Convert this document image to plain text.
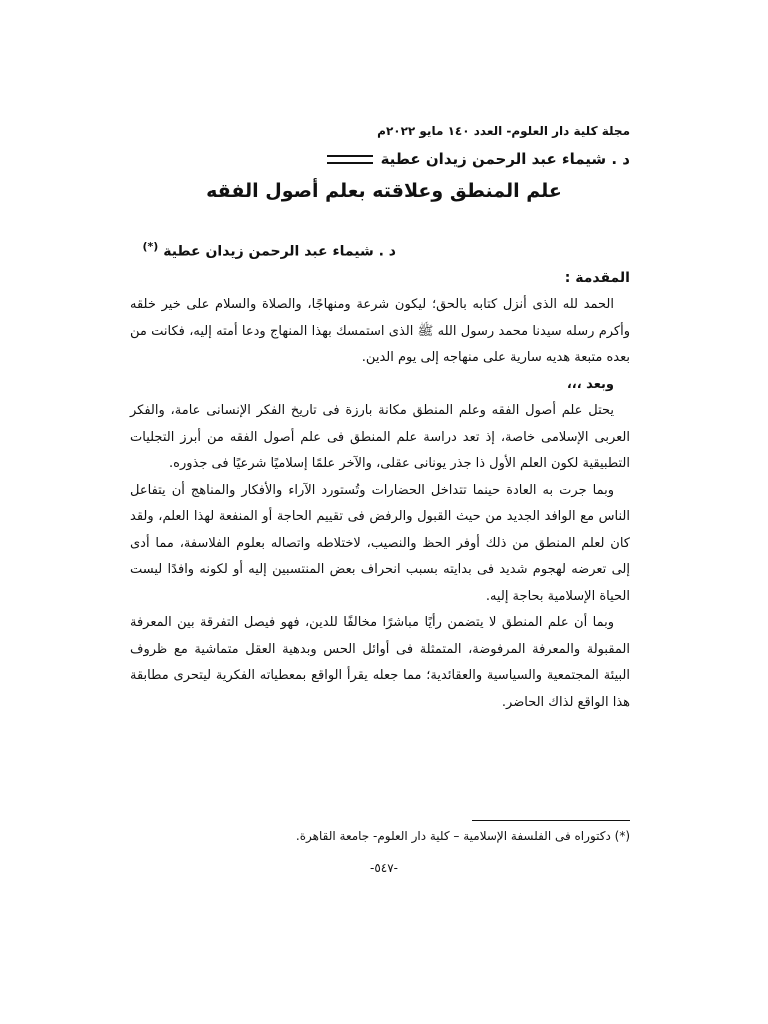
مجلة كلية دار العلوم- العدد ١٤٠ مايو ٢٠٢٢م
د . شيماء عبد الرحمن زيدان عطية
علم المنطق وعلاقته بعلم أصول الفقه
د . شيماء عبد الرحمن زيدان عطية (*)
المقدمة :

الحمد لله الذى أنزل كتابه بالحق؛ ليكون شرعة ومنهاجًا، والصلاة والسلام على خير خلقه وأكرم رسله سيدنا محمد رسول الله ﷺ الذى استمسك بهذا المنهاج ودعا أمته إليه، فكانت من بعده متبعة هديه سارية على منهاجه إلى يوم الدين.

وبعد ،،،

يحتل علم أصول الفقه وعلم المنطق مكانة بارزة فى تاريخ الفكر الإنسانى عامة، والفكر العربى الإسلامى خاصة، إذ تعد دراسة علم المنطق فى علم أصول الفقه من أبرز التجليات التطبيقية لكون العلم الأول ذا جذر يونانى عقلى، والآخر علمًا إسلاميًا شرعيًا فى جذوره.

وبما جرت به العادة حينما تتداخل الحضارات وتُستورد الآراء والأفكار والمناهج أن يتفاعل الناس مع الوافد الجديد من حيث القبول والرفض فى تقييم الحاجة أو المنفعة لهذا العلم، ولقد كان لعلم المنطق من ذلك أوفر الحظ والنصيب، لاختلاطه واتصاله بعلوم الفلاسفة، مما أدى إلى تعرضه لهجوم شديد فى بدايته بسبب انحراف بعض المنتسبين إليه أو لكونه وافدًا ليست الحياة الإسلامية بحاجة إليه.

وبما أن علم المنطق لا يتضمن رأيًا مباشرًا مخالفًا للدين، فهو فيصل التفرقة بين المعرفة المقبولة والمعرفة المرفوضة، المتمثلة فى أوائل الحس وبدهية العقل متماشية مع ظروف البيئة المجتمعية والسياسية والعقائدية؛ مما جعله يقرأ الواقع بمعطياته الفكرية ليتحرى مطابقة هذا الواقع لذاك الحاضر.

(*) دكتوراه فى الفلسفة الإسلامية – كلية دار العلوم- جامعة القاهرة.
-٥٤٧-
